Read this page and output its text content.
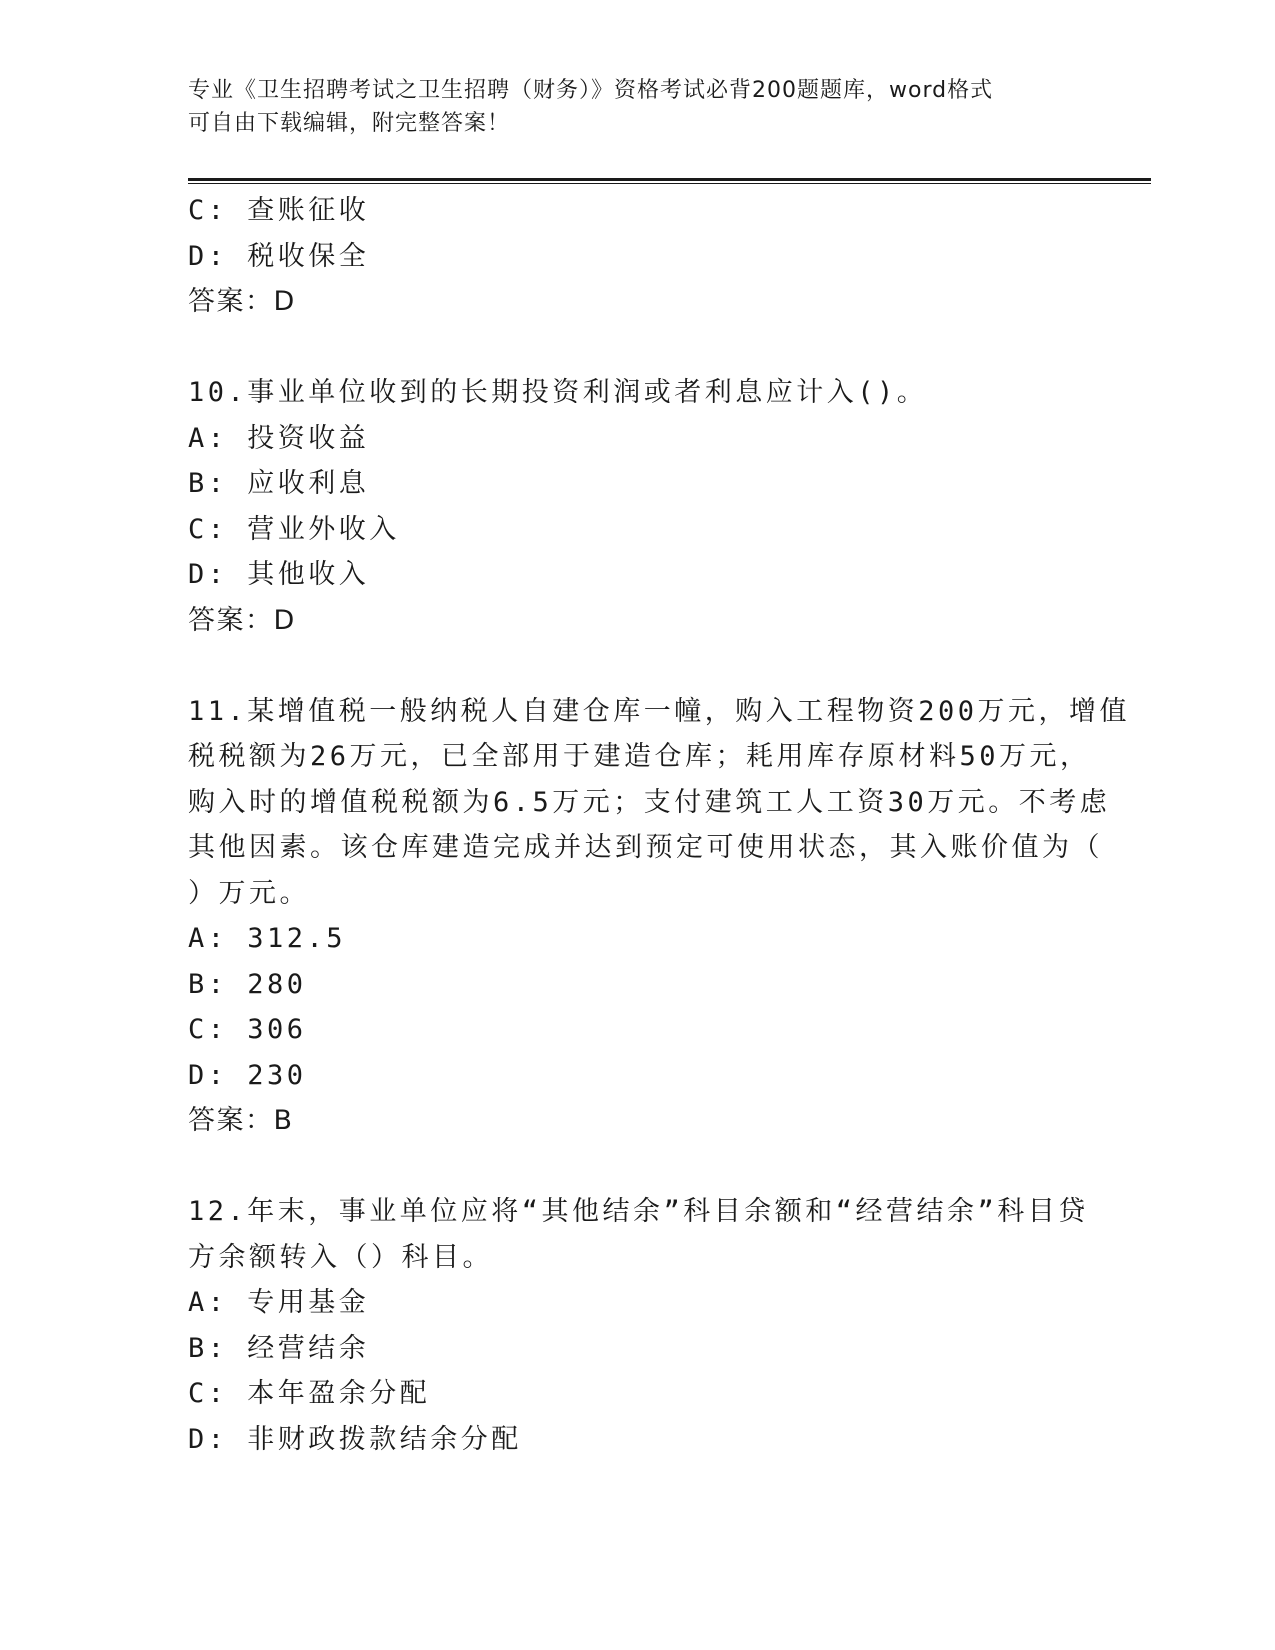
专业《卫生招聘考试之卫生招聘（财务）》资格考试必背200题题库，word格式
可自由下载编辑，附完整答案！
C: 查账征收
D: 税收保全
答案：D
10.事业单位收到的长期投资利润或者利息应计入()。
A: 投资收益
B: 应收利息
C: 营业外收入
D: 其他收入
答案：D
11.某增值税一般纳税人自建仓库一幢，购入工程物资200万元，增值
税税额为26万元，已全部用于建造仓库；耗用库存原材料50万元，
购入时的增值税税额为6.5万元；支付建筑工人工资30万元。不考虑
其他因素。该仓库建造完成并达到预定可使用状态，其入账价值为（
）万元。
A: 312.5
B: 280
C: 306
D: 230
答案：B
12.年末，事业单位应将“其他结余”科目余额和“经营结余”科目贷
方余额转入（）科目。
A: 专用基金
B: 经营结余
C: 本年盈余分配
D: 非财政拨款结余分配
